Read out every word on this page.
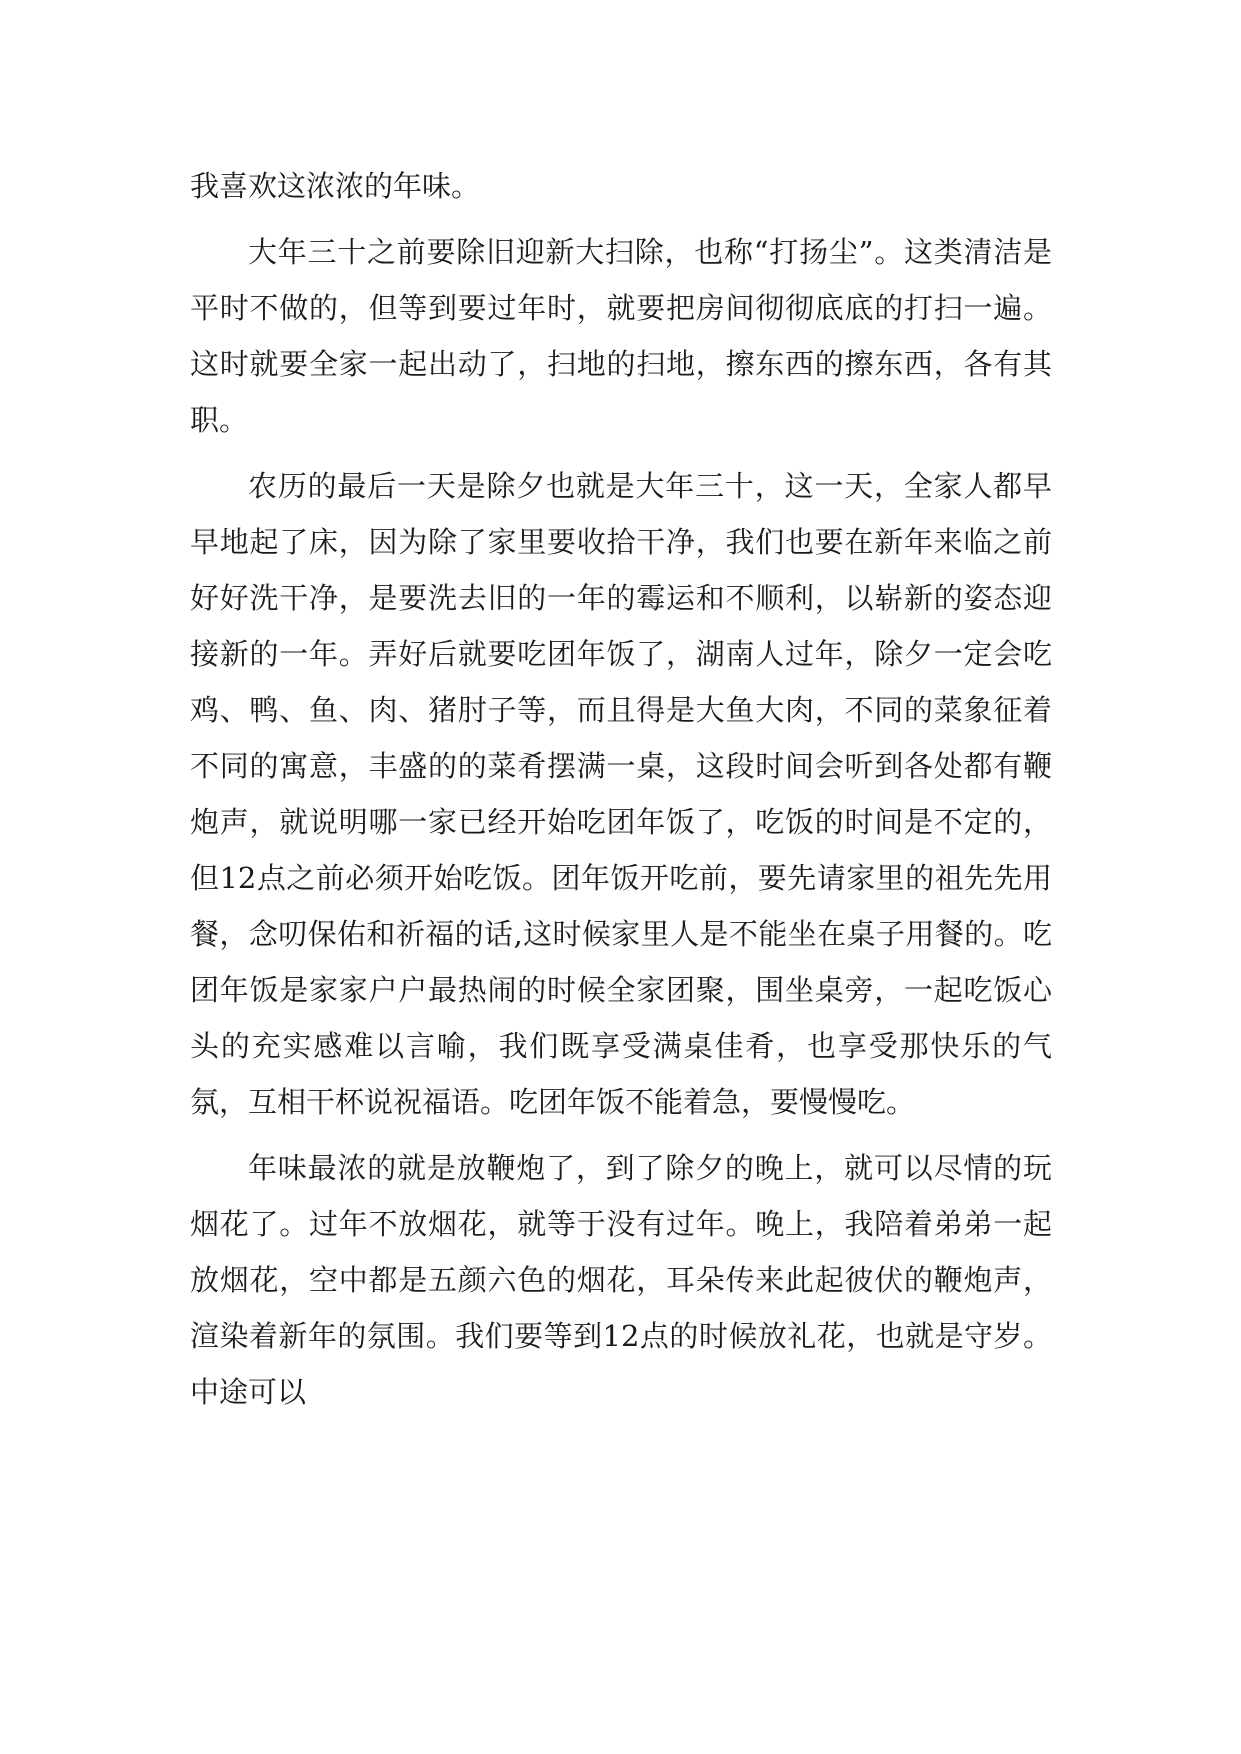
我喜欢这浓浓的年味。

大年三十之前要除旧迎新大扫除，也称“打扬尘”。这类清洁是平时不做的，但等到要过年时，就要把房间彻彻底底的打扫一遍。这时就要全家一起出动了，扫地的扫地，擦东西的擦东西，各有其职。

农历的最后一天是除夕也就是大年三十，这一天，全家人都早早地起了床，因为除了家里要收拾干净，我们也要在新年来临之前好好洗干净，是要洗去旧的一年的霉运和不顺利，以崭新的姿态迎接新的一年。弄好后就要吃团年饭了，湖南人过年，除夕一定会吃鸡、鸭、鱼、肉、猪肘子等，而且得是大鱼大肉，不同的菜象征着不同的寓意，丰盛的的菜肴摆满一桌，这段时间会听到各处都有鞭炮声，就说明哪一家已经开始吃团年饭了，吃饭的时间是不定的，但12点之前必须开始吃饭。团年饭开吃前，要先请家里的祖先先用餐，念叨保佑和祈福的话,这时候家里人是不能坐在桌子用餐的。吃团年饭是家家户户最热闹的时候全家团聚，围坐桌旁，一起吃饭心头的充实感难以言喻，我们既享受满桌佳肴，也享受那快乐的气氛，互相干杯说祝福语。吃团年饭不能着急，要慢慢吃。

年味最浓的就是放鞭炮了，到了除夕的晚上，就可以尽情的玩烟花了。过年不放烟花，就等于没有过年。晚上，我陪着弟弟一起放烟花，空中都是五颜六色的烟花，耳朵传来此起彼伏的鞭炮声，渲染着新年的氛围。我们要等到12点的时候放礼花，也就是守岁。中途可以
